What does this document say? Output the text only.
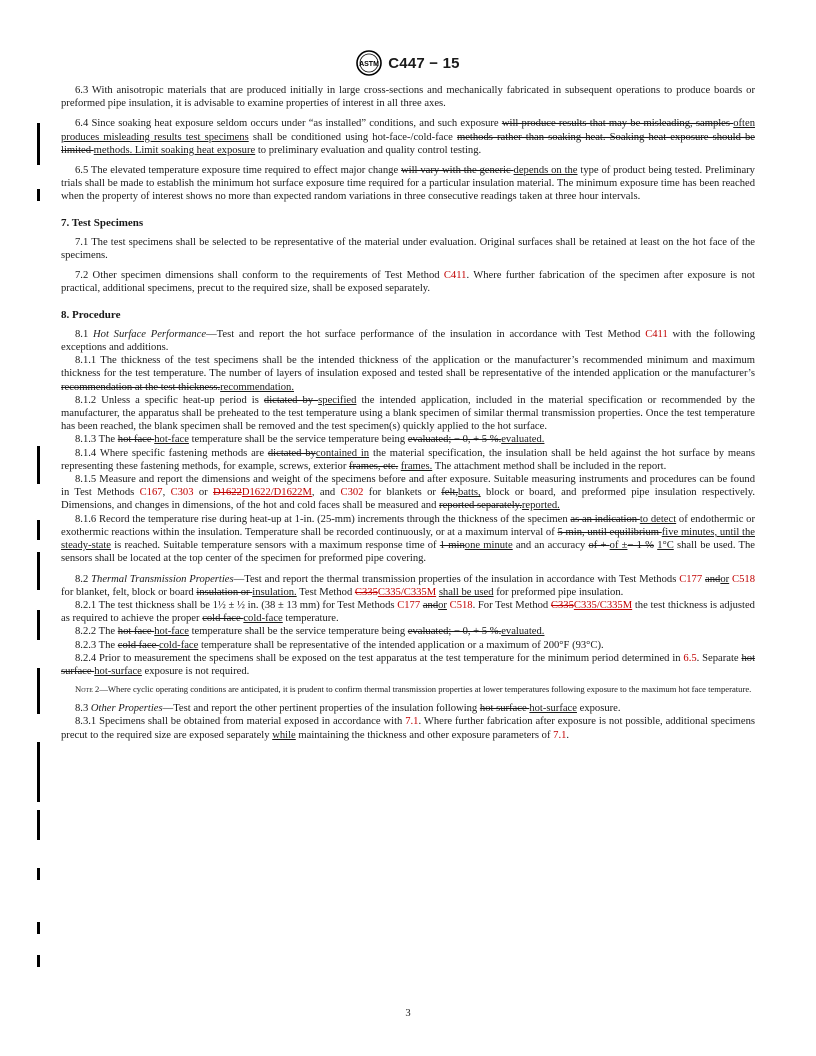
ASTM C447 − 15

6.3 With anisotropic materials that are produced initially in large cross-sections and mechanically fabricated in subsequent operations to produce boards or preformed pipe insulation, it is advisable to examine properties of interest in all three axes.

6.4 Since soaking heat exposure seldom occurs under “as installed” conditions, and such exposure will produce results that may be misleading, samples often produces misleading results test specimens shall be conditioned using hot-face-/cold-face methods rather than soaking heat. Soaking heat exposure should be limited methods. Limit soaking heat exposure to preliminary evaluation and quality control testing.

6.5 The elevated temperature exposure time required to effect major change will vary with the generic depends on the type of product being tested. Preliminary trials shall be made to establish the minimum hot surface exposure time required for a particular insulation material. The minimum exposure time has been reached when the property of interest shows no more than expected random variations in three consecutive readings taken at three hour intervals.

7. Test Specimens

7.1 The test specimens shall be selected to be representative of the material under evaluation. Original surfaces shall be retained at least on the hot face of the specimens.

7.2 Other specimen dimensions shall conform to the requirements of Test Method C411. Where further fabrication of the specimen after exposure is not practical, additional specimens, precut to the required size, shall be exposed separately.

8. Procedure

8.1 Hot Surface Performance—Test and report the hot surface performance of the insulation in accordance with Test Method C411 with the following exceptions and additions.

8.1.1 The thickness of the test specimens shall be the intended thickness of the application or the manufacturer’s recommended minimum and maximum thickness for the test temperature. The number of layers of insulation exposed and tested shall be representative of the intended application or the manufacturer’s recommendation at the test thickness.recommendation.

8.1.2 Unless a specific heat-up period is dictated by specified the intended application, included in the material specification or recommended by the manufacturer, the apparatus shall be preheated to the test temperature using a blank specimen of similar thermal transmission properties. Once the test temperature has been reached, the blank specimen shall be removed and the test specimen(s) quickly applied to the hot surface.

8.1.3 The hot face hot-face temperature shall be the service temperature being evaluated; − 0, + 5 %.evaluated.

8.1.4 Where specific fastening methods are dictated bycontained in the material specification, the insulation shall be held against the hot surface by means representing these fastening methods, for example, screws, exterior frames, etc. frames. The attachment method shall be included in the report.

8.1.5 Measure and report the dimensions and weight of the specimens before and after exposure. Suitable measuring instruments and procedures can be found in Test Methods C167, C303 or D1622D1622/D1622M, and C302 for blankets or felt,batts, block or board, and preformed pipe insulation respectively. Dimensions, and changes in dimensions, of the hot and cold faces shall be measured and reported separately.reported.

8.1.6 Record the temperature rise during heat-up at 1-in. (25-mm) increments through the thickness of the specimen as an indication to detect of endothermic or exothermic reactions within the insulation. Temperature shall be recorded continuously, or at a maximum interval of 5 min, until equilibrium five minutes, until the steady-state is reached. Suitable temperature sensors with a maximum response time of 1 minone minute and an accuracy of + of ±− 1 % 1°C shall be used. The sensors shall be located at the top center of the specimen for preformed pipe covering.

8.2 Thermal Transmission Properties—Test and report the thermal transmission properties of the insulation in accordance with Test Methods C177 andor C518 for blanket, felt, block or board insulation or insulation. Test Method C335C335/C335M shall be used for preformed pipe insulation.

8.2.1 The test thickness shall be 1½ ± ½ in. (38 ± 13 mm) for Test Methods C177 andor C518. For Test Method C335C335/C335M the test thickness is adjusted as required to achieve the proper cold face cold-face temperature.

8.2.2 The hot face hot-face temperature shall be the service temperature being evaluated; − 0, + 5 %.evaluated.

8.2.3 The cold face cold-face temperature shall be representative of the intended application or a maximum of 200°F (93°C).

8.2.4 Prior to measurement the specimens shall be exposed on the test apparatus at the test temperature for the minimum period determined in 6.5. Separate hot surface hot-surface exposure is not required.

Note 2—Where cyclic operating conditions are anticipated, it is prudent to confirm thermal transmission properties at lower temperatures following exposure to the maximum hot face temperature.

8.3 Other Properties—Test and report the other pertinent properties of the insulation following hot surface hot-surface exposure.

8.3.1 Specimens shall be obtained from material exposed in accordance with 7.1. Where further fabrication after exposure is not possible, additional specimens precut to the required size are exposed separately while maintaining the thickness and other exposure parameters of 7.1.

3
